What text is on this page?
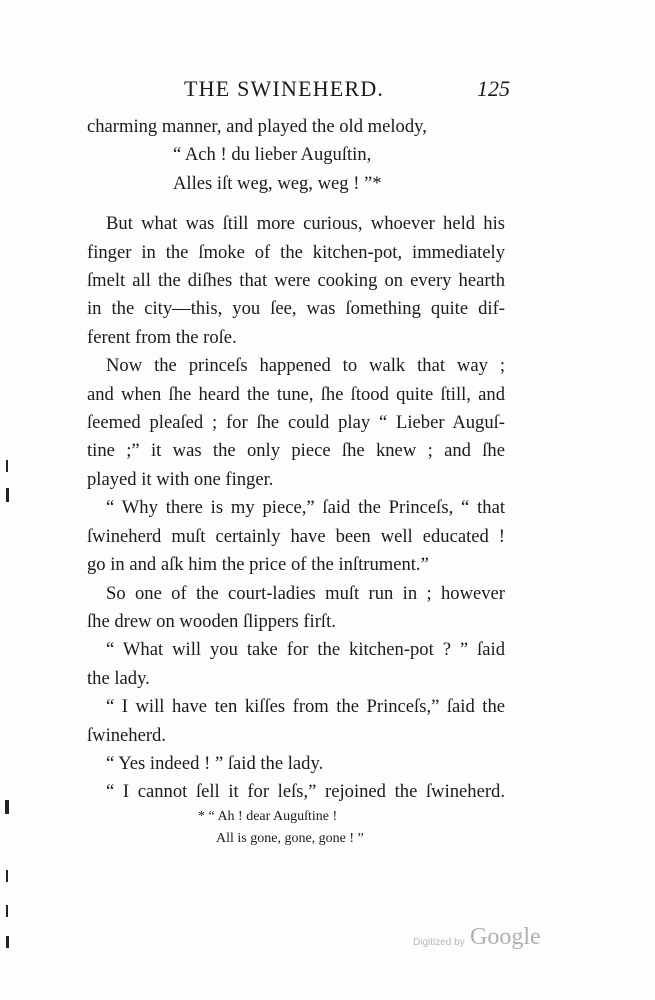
THE SWINEHERD.	125
charming manner, and played the old melody,
“ Ach ! du lieber Auguſtin,
Alles iſt weg, weg, weg ! ”*
But what was ſtill more curious, whoever held his
finger in the ſmoke of the kitchen-pot, immediately
ſmelt all the diſhes that were cooking on every hearth
in the city—this, you ſee, was ſomething quite dif-
ferent from the roſe.
Now the princeſs happened to walk that way ;
and when ſhe heard the tune, ſhe ſtood quite ſtill, and
ſeemed pleaſed ; for ſhe could play “ Lieber Auguſ-
tine ;” it was the only piece ſhe knew ; and ſhe
played it with one finger.
“ Why there is my piece,” ſaid the Princeſs, “ that
ſwineherd muſt certainly have been well educated !
go in and aſk him the price of the inſtrument.”
So one of the court-ladies muſt run in ; however
ſhe drew on wooden ſlippers firſt.
“ What will you take for the kitchen-pot ? ” ſaid
the lady.
“ I will have ten kiſſes from the Princeſs,” ſaid the
ſwineherd.
“ Yes indeed ! ” ſaid the lady.
“ I cannot ſell it for leſs,” rejoined the ſwineherd.
* “ Ah ! dear Auguſtine !
All is gone, gone, gone ! ”
Digitized by Google
